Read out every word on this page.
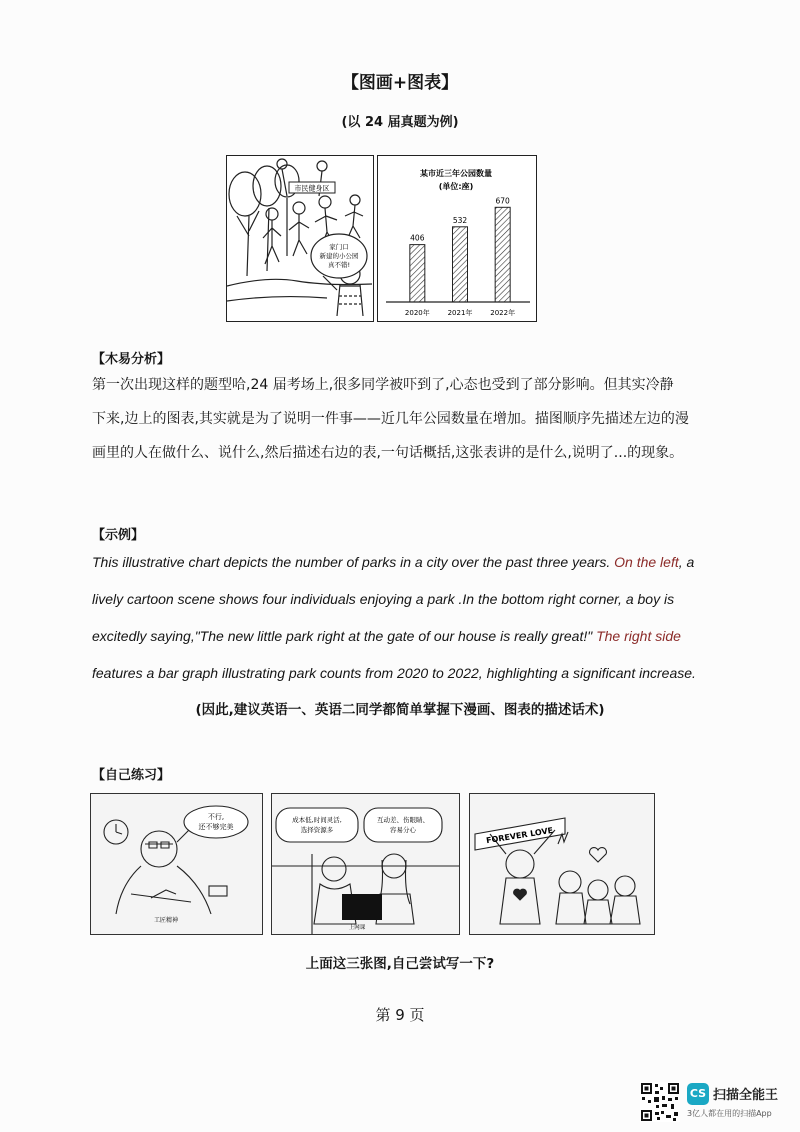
【图画+图表】
(以 24 届真题为例)
市民健身区
家门口
新建的小公园
真不错!
某市近三年公园数量
(单位:座)
406
2020年
532
2021年
670
2022年
【木易分析】
第一次出现这样的题型哈,24 届考场上,很多同学被吓到了,心态也受到了部分影响。但其实冷静
下来,边上的图表,其实就是为了说明一件事——近几年公园数量在增加。描图顺序先描述左边的漫
画里的人在做什么、说什么,然后描述右边的表,一句话概括,这张表讲的是什么,说明了...的现象。
【示例】
This illustrative chart depicts the number of parks in a city over the past three years. On the left, a
lively cartoon scene shows four individuals enjoying a park .In the bottom right corner, a boy is
excitedly saying,"The new little park right at the gate of our house is really great!" The right side
features a bar graph illustrating park counts from 2020 to 2022, highlighting a significant increase.
(因此,建议英语一、英语二同学都简单掌握下漫画、图表的描述话术)
【自己练习】
不行,
还不够完美
工匠精神
成本低,时间灵活,
选择资源多
互动差、伤眼睛、
容易分心
上网课
FOREVER LOVE
上面这三张图,自己尝试写一下?
第 9 页
CS 扫描全能王
3亿人都在用的扫描App
